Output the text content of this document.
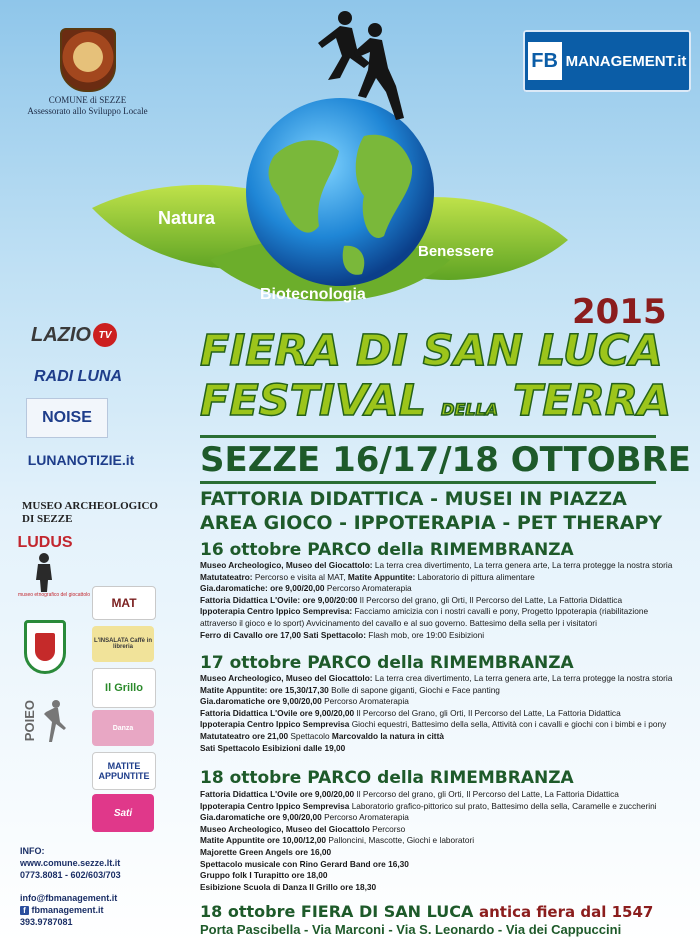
COMUNE di SEZZE
Assessorato allo Sviluppo Locale
FB MANAGEMENT.it
Natura
Benessere
Biotecnologia	2015
FIERA DI SAN LUCA
FESTIVAL DELLA TERRA
SEZZE 16/17/18 OTTOBRE
FATTORIA DIDATTICA - MUSEI IN PIAZZA
AREA GIOCO - IPPOTERAPIA - PET THERAPY
16 ottobre PARCO della RIMEMBRANZA
Museo Archeologico, Museo del Giocattolo: La terra crea divertimento, La terra genera arte, La terra protegge la nostra storia
Matutateatro: Percorso e visita al MAT, Matite Appuntite: Laboratorio di pittura alimentare
Gia.daromatiche: ore 9,00/20,00 Percorso Aromaterapia
Fattoria Didattica L'Ovile: ore 9,00/20:00 Il Percorso del grano, gli Orti, Il Percorso del Latte, La Fattoria Didattica
Ippoterapia Centro Ippico Semprevisa: Facciamo amicizia con i nostri cavalli e pony, Progetto Ippoterapia (riabilitazione
attraverso il gioco e lo sport) Avvicinamento del cavallo e al suo governo. Battesimo della sella per i visitatori
Ferro di Cavallo ore 17,00 Sati Spettacolo: Flash mob, ore 19:00 Esibizioni
17 ottobre PARCO della RIMEMBRANZA
Museo Archeologico, Museo del Giocattolo: La terra crea divertimento, La terra genera arte, La terra protegge la nostra storia
Matite Appuntite: ore 15,30/17,30 Bolle di sapone giganti, Giochi e Face panting
Gia.daromatiche ore 9,00/20,00 Percorso Aromaterapia
Fattoria Didattica L'Ovile ore 9,00/20,00 Il Percorso del Grano, gli Orti, Il Percorso del Latte, La Fattoria Didattica
Ippoterapia Centro Ippico Semprevisa Giochi equestri, Battesimo della sella, Attività con i cavalli e giochi con i bimbi e i pony
Matutateatro ore 21,00 Spettacolo Marcovaldo la natura in città
Sati Spettacolo Esibizioni dalle 19,00
18 ottobre PARCO della RIMEMBRANZA
Fattoria Didattica L'Ovile ore 9,00/20,00 Il Percorso del grano, gli Orti, Il Percorso del Latte, La Fattoria Didattica
Ippoterapia Centro Ippico Semprevisa Laboratorio grafico-pittorico sul prato, Battesimo della sella, Caramelle e zuccherini
Gia.daromatiche ore 9,00/20,00 Percorso Aromaterapia
Museo Archeologico, Museo del Giocattolo Percorso
Matite Appuntite ore 10,00/12,00 Palloncini, Mascotte, Giochi e laboratori
Majorette Green Angels ore 16,00
Spettacolo musicale con Rino Gerard Band ore 16,30
Gruppo folk I Turapitto ore 18,00
Esibizione Scuola di Danza Il Grillo ore 18,30
18 ottobre FIERA DI SAN LUCA antica fiera dal 1547
Porta Pascibella - Via Marconi - Via S. Leonardo - Via dei Cappuccini
LAZIO TV
RADI LUNA
NOISE
LUNANOTIZIE.it
MUSEO ARCHEOLOGICO
DI SEZZE
LUDUS
museo etnografico del giocattolo
POIEO
MAT
L'INSALATA Caffè in libreria
Il Grillo
Danza
MATITE APPUNTITE
Sati
INFO:
www.comune.sezze.lt.it
0773.8081 - 602/603/703
info@fbmanagement.it
f fbmanagement.it
393.9787081
